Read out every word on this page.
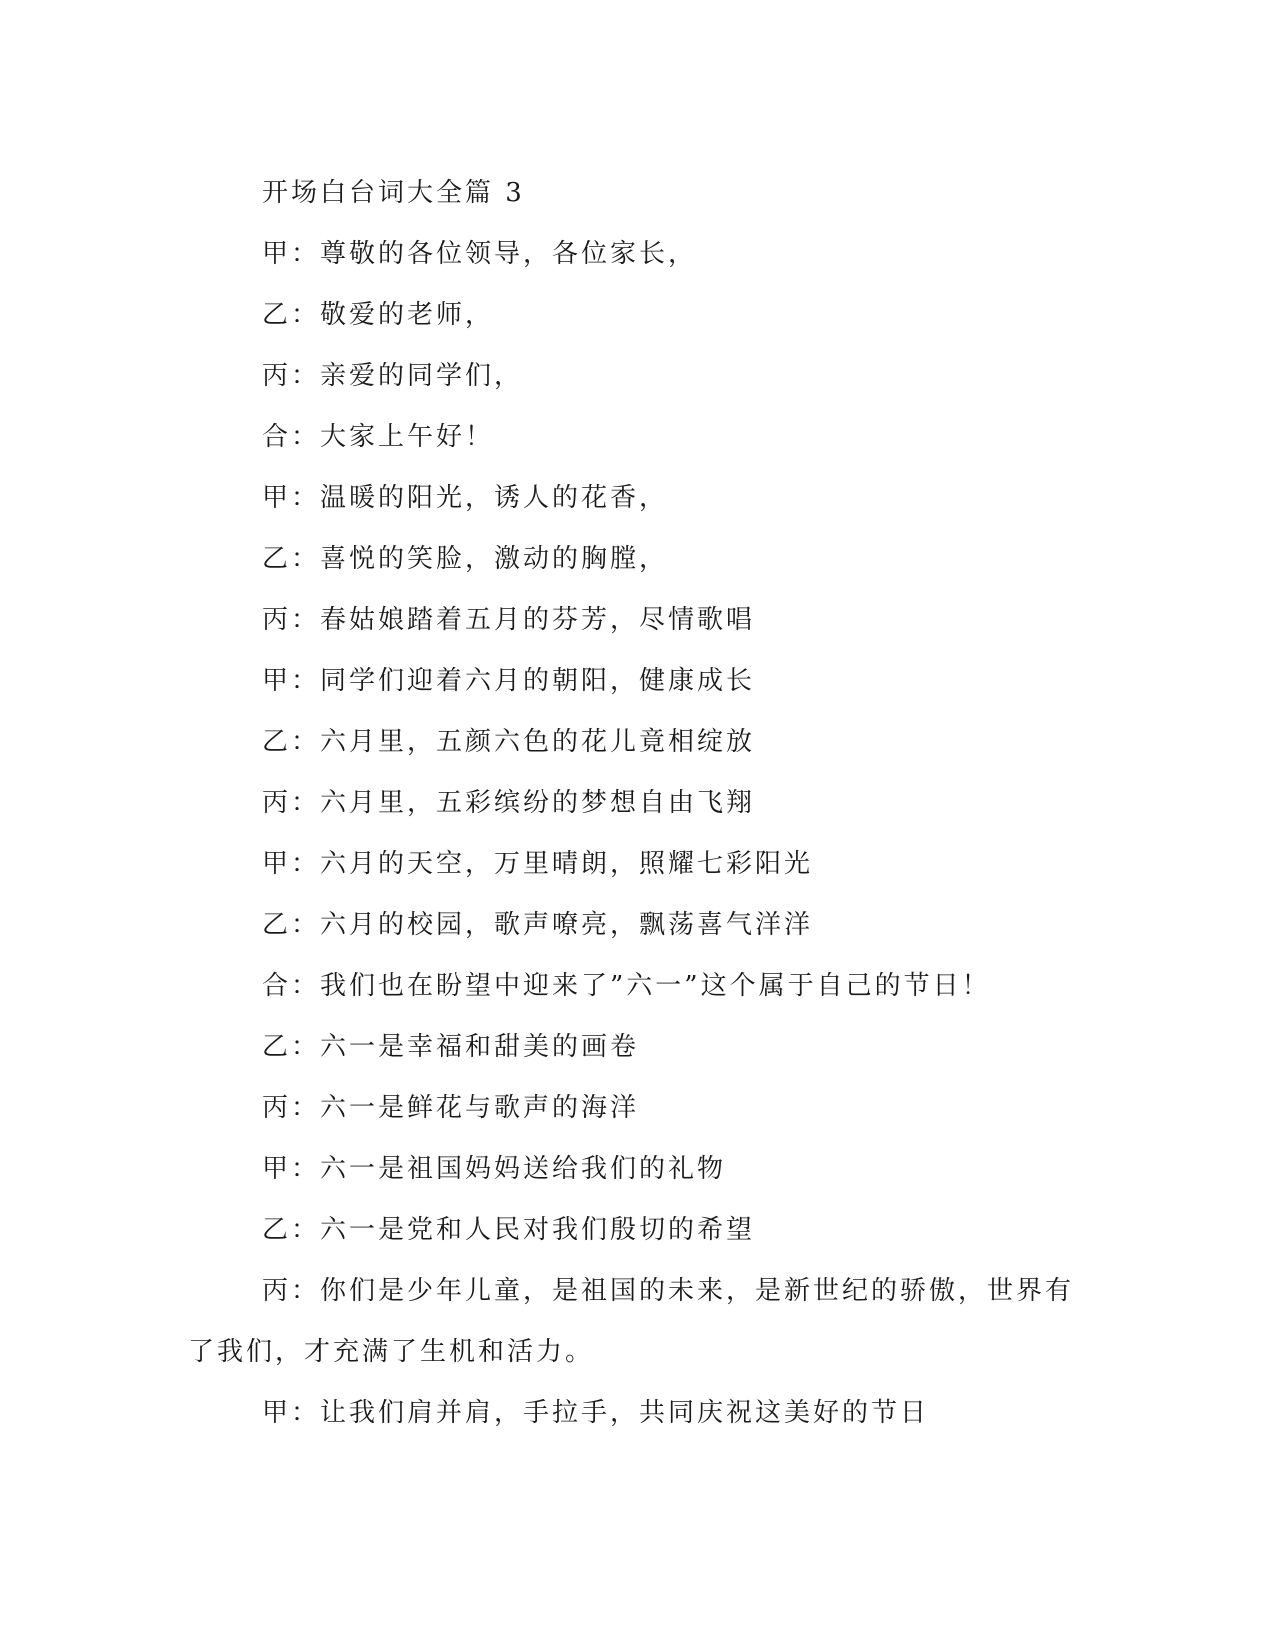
开场白台词大全篇 3
甲：尊敬的各位领导，各位家长，
乙：敬爱的老师，
丙：亲爱的同学们，
合：大家上午好！
甲：温暖的阳光，诱人的花香，
乙：喜悦的笑脸，激动的胸膛，
丙：春姑娘踏着五月的芬芳，尽情歌唱
甲：同学们迎着六月的朝阳，健康成长
乙：六月里，五颜六色的花儿竟相绽放
丙：六月里，五彩缤纷的梦想自由飞翔
甲：六月的天空，万里晴朗，照耀七彩阳光
乙：六月的校园，歌声嘹亮，飘荡喜气洋洋
合：我们也在盼望中迎来了”六一”这个属于自己的节日！
乙：六一是幸福和甜美的画卷
丙：六一是鲜花与歌声的海洋
甲：六一是祖国妈妈送给我们的礼物
乙：六一是党和人民对我们殷切的希望
丙：你们是少年儿童，是祖国的未来，是新世纪的骄傲，世界有了我们，才充满了生机和活力。
甲：让我们肩并肩，手拉手，共同庆祝这美好的节日
